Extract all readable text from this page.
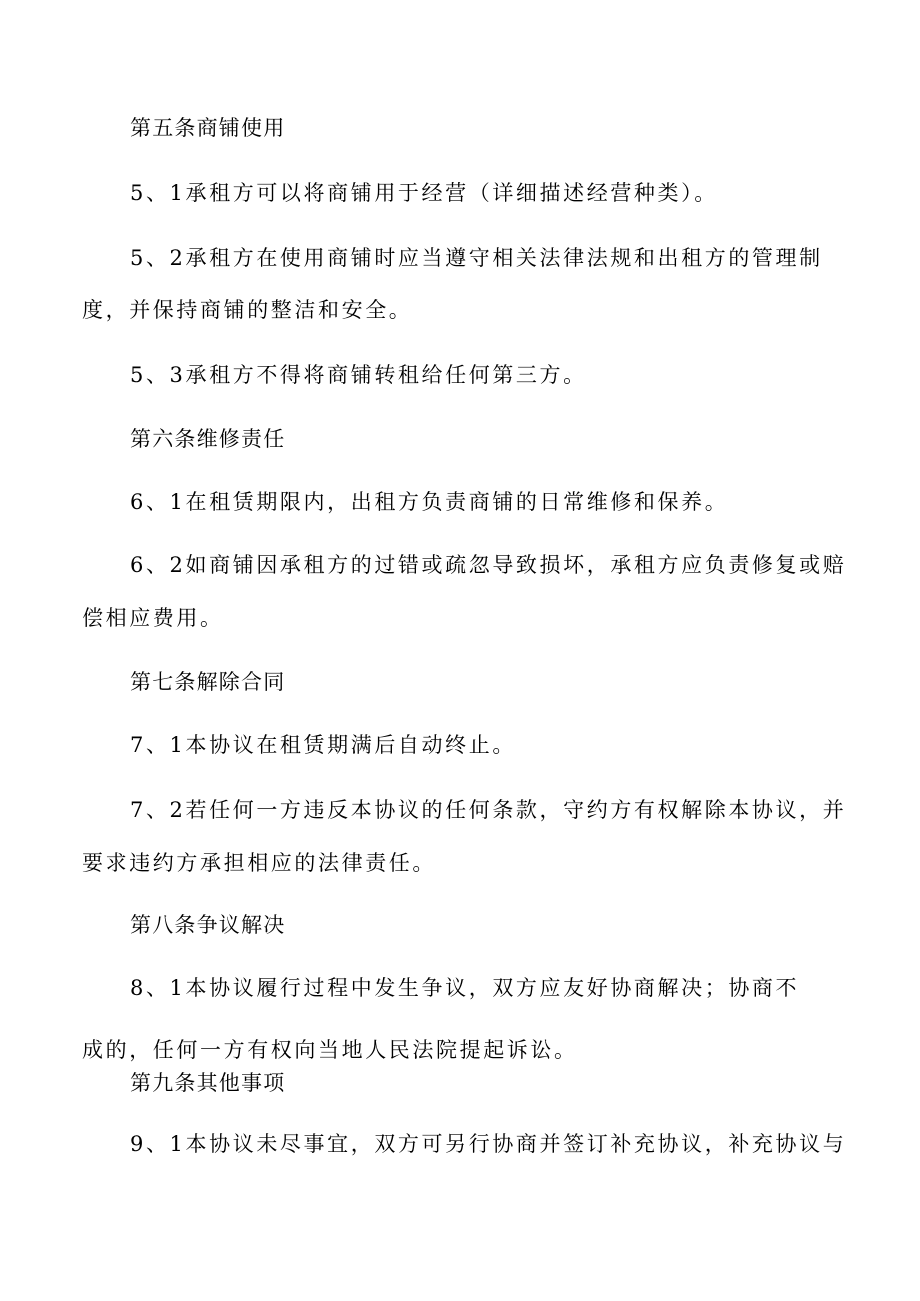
第五条商铺使用
5、1承租方可以将商铺用于经营（详细描述经营种类）。
5、2承租方在使用商铺时应当遵守相关法律法规和出租方的管理制
度，并保持商铺的整洁和安全。
5、3承租方不得将商铺转租给任何第三方。
第六条维修责任
6、1在租赁期限内，出租方负责商铺的日常维修和保养。
6、2如商铺因承租方的过错或疏忽导致损坏，承租方应负责修复或赔
偿相应费用。
第七条解除合同
7、1本协议在租赁期满后自动终止。
7、2若任何一方违反本协议的任何条款，守约方有权解除本协议，并
要求违约方承担相应的法律责任。
第八条争议解决
8、1本协议履行过程中发生争议，双方应友好协商解决；协商不
成的，任何一方有权向当地人民法院提起诉讼。
第九条其他事项
9、1本协议未尽事宜，双方可另行协商并签订补充协议，补充协议与
